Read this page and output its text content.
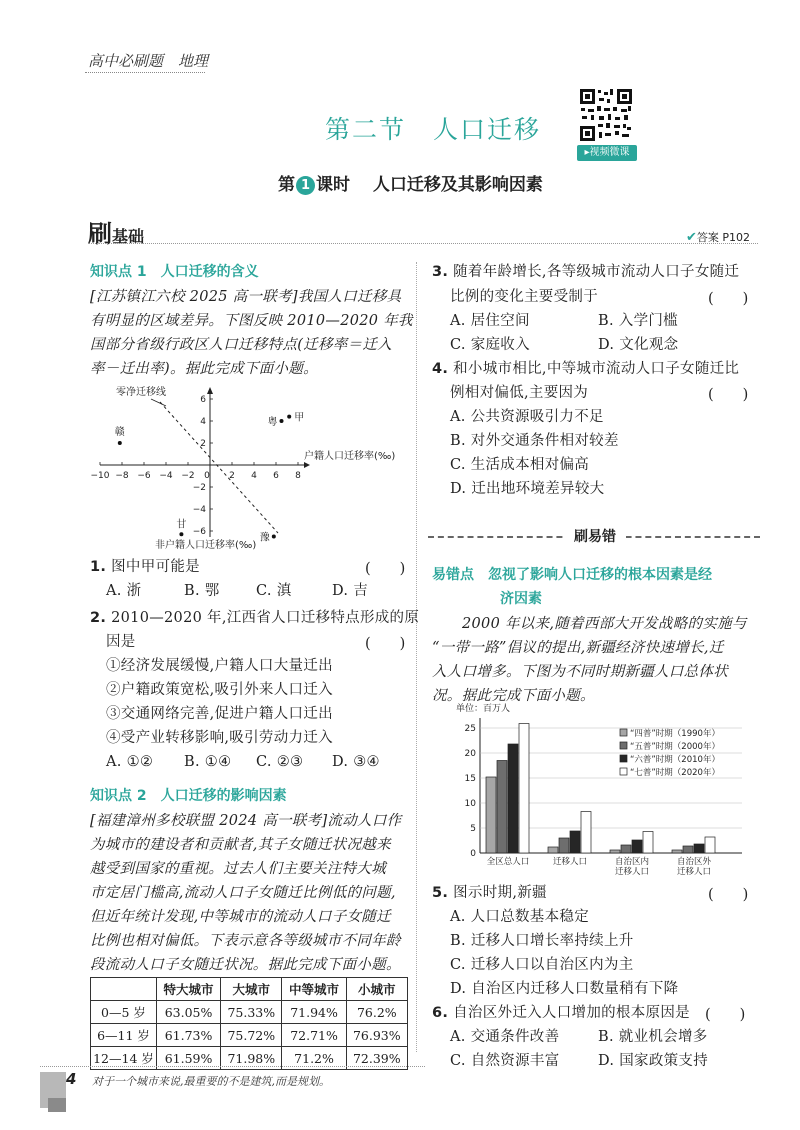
高中必刷题　 地理
第二节　人口迁移
▸视频微课
第 1 课时　 人口迁移及其影响因素
刷基础	✔答案 P102
知识点 1　人口迁移的含义
[江苏镇江六校 2025 高一联考]我国人口迁移具
有明显的区域差异。下图反映 2010—2020 年我
国部分省级行政区人口迁移特点(迁移率＝迁入
率－迁出率)。据此完成下面小题。
零净迁移线
−10 −8 −6 −4 −2 0 2 4 6 8
6
4
2
−2
−4
−6
甲
粤
赣
甘
豫
户籍人口迁移率(‰)
非户籍人口迁移率(‰)
1. 图中甲可能是	(　　)
A. 浙	B. 鄂	C. 滇	D. 吉
2. 2010—2020 年,江西省人口迁移特点形成的原
因是	(　　)
①经济发展缓慢,户籍人口大量迁出
②户籍政策宽松,吸引外来人口迁入
③交通网络完善,促进户籍人口迁出
④受产业转移影响,吸引劳动力迁入
A. ①② B. ①④ C. ②③ D. ③④
知识点 2　人口迁移的影响因素
[福建漳州多校联盟 2024 高一联考]流动人口作
为城市的建设者和贡献者,其子女随迁状况越来
越受到国家的重视。过去人们主要关注特大城
市定居门槛高,流动人口子女随迁比例低的问题,
但近年统计发现,中等城市的流动人口子女随迁
比例也相对偏低。下表示意各等级城市不同年龄
段流动人口子女随迁状况。据此完成下面小题。
	特大城市	大城市	中等城市	小城市
0—5 岁	63.05%	75.33%	71.94%	76.2%
6—11 岁	61.73%	75.72%	72.71%	76.93%
12—14 岁	61.59%	71.98%	71.2%	72.39%
4 对于一个城市来说,最重要的不是建筑,而是规划。
3. 随着年龄增长,各等级城市流动人口子女随迁
比例的变化主要受制于	(　　)
A. 居住空间	B. 入学门槛
C. 家庭收入	D. 文化观念
4. 和小城市相比,中等城市流动人口子女随迁比
例相对偏低,主要因为	(　　)
A. 公共资源吸引力不足
B. 对外交通条件相对较差
C. 生活成本相对偏高
D. 迁出地环境差异较大
刷易错
易错点　 忽视了影响人口迁移的根本因素是经
济因素
2000 年以来,随着西部大开发战略的实施与
“一带一路”倡议的提出,新疆经济快速增长,迁
入人口增多。下图为不同时期新疆人口总体状
况。据此完成下面小题。
单位：百万人
0
5
10
15
20
25
全区总人口	迁移人口	自治区内
迁移人口
自治区外
迁移人口
“四普”时期（1990年）
“五普”时期（2000年）
“六普”时期（2010年）
“七普”时期（2020年）
5. 图示时期,新疆	(　　)
A. 人口总数基本稳定
B. 迁移人口增长率持续上升
C. 迁移人口以自治区内为主
D. 自治区内迁移人口数量稍有下降
6. 自治区外迁入人口增加的根本原因是 (　　)
A. 交通条件改善	B. 就业机会增多
C. 自然资源丰富	D. 国家政策支持
